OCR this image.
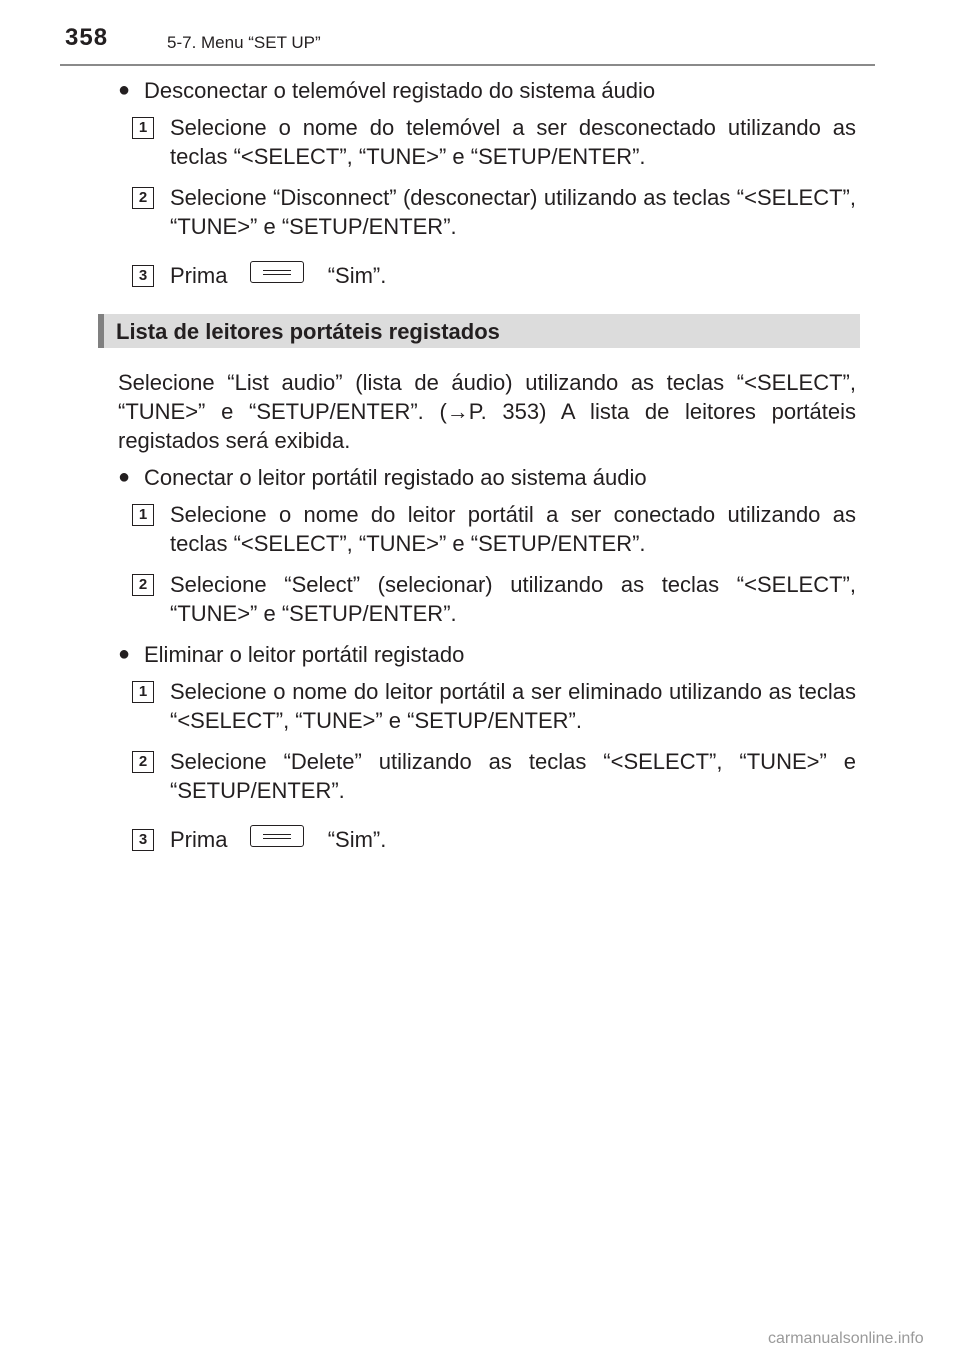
358	5-7. Menu “SET UP”
● Desconectar o telemóvel registado do sistema áudio
1	Selecione o nome do telemóvel a ser desconectado utilizando as teclas “<SELECT”, “TUNE>” e “SETUP/ENTER”.
2	Selecione “Disconnect” (desconectar) utilizando as teclas “<SELECT”, “TUNE>” e “SETUP/ENTER”.
3	Prima	“Sim”.
Lista de leitores portáteis registados
Selecione “List audio” (lista de áudio) utilizando as teclas “<SELECT”, “TUNE>” e “SETUP/ENTER”. (→P. 353) A lista de leitores portáteis registados será exibida.
● Conectar o leitor portátil registado ao sistema áudio
1	Selecione o nome do leitor portátil a ser conectado utilizando as teclas “<SELECT”, “TUNE>” e “SETUP/ENTER”.
2	Selecione “Select” (selecionar) utilizando as teclas “<SELECT”, “TUNE>” e “SETUP/ENTER”.
● Eliminar o leitor portátil registado
1	Selecione o nome do leitor portátil a ser eliminado utilizando as teclas “<SELECT”, “TUNE>” e “SETUP/ENTER”.
2	Selecione “Delete” utilizando as teclas “<SELECT”, “TUNE>” e “SETUP/ENTER”.
3	Prima	“Sim”.
carmanualsonline.info
